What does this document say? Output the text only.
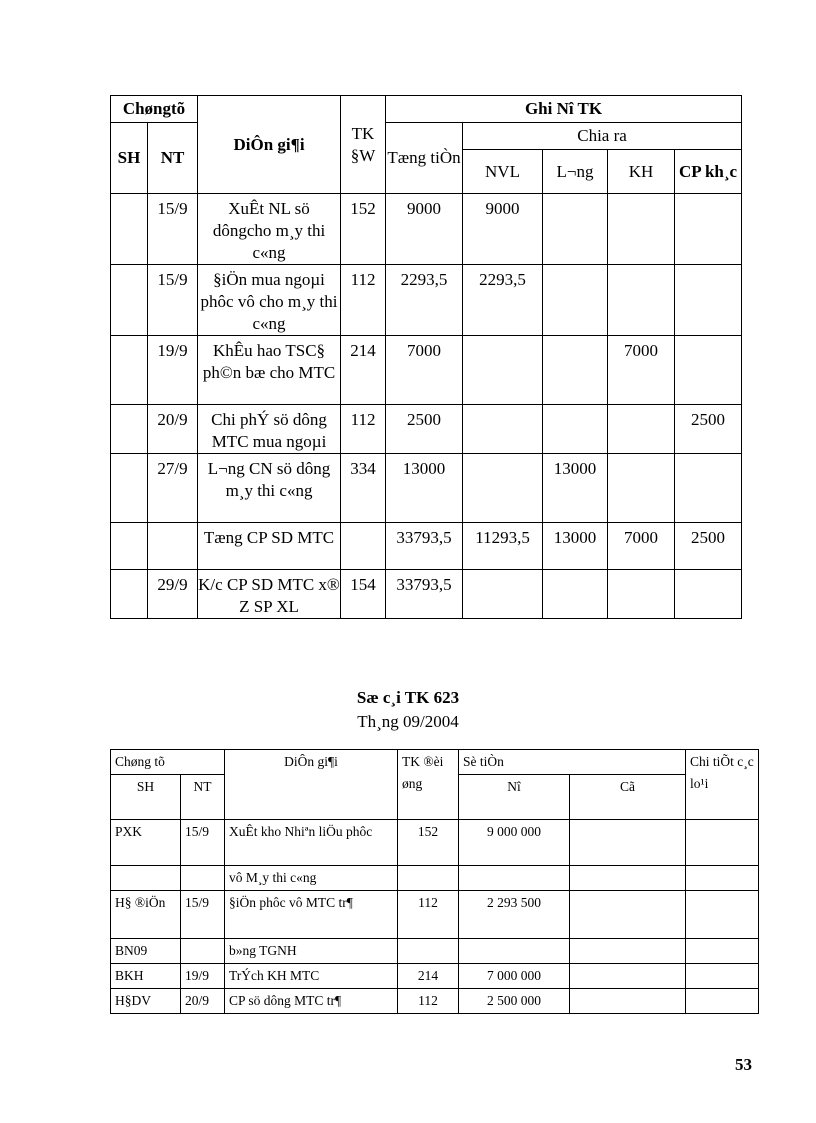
Chøngtõ		DiÔn gi¶i	TK §W	Ghi Nî TK				
SH	NT			Tæng tiÒn	Chia ra			
					NVL	L¬ng	KH	CP kh¸c
	15/9	XuÊt NL sö dôngcho m¸y thi c«ng	152	9000	9000			
	15/9	§iÖn mua ngoµi phôc vô cho m¸y thi c«ng	112	2293,5	2293,5			
	19/9	KhÊu hao TSC§ ph©n bæ cho MTC	214	7000			7000	
	20/9	Chi phÝ sö dông MTC mua ngoµi	112	2500				2500
	27/9	L¬ng CN sö dông m¸y thi c«ng	334	13000		13000		
		Tæng CP SD MTC		33793,5	11293,5	13000	7000	2500
	29/9	K/c CP SD MTC x® Z SP XL	154	33793,5				
Sæ c¸i TK 623
Th¸ng 09/2004
Chøng tõ		DiÔn gi¶i	TK ®èi øng	Sè tiÒn		Chi tiÕt c¸c lo¹i
SH	NT			Nî	Cã	
PXK	15/9	XuÊt kho Nhiªn liÖu phôc	152	9 000 000		
		vô M¸y thi c«ng				
H§ ®iÖn	15/9	§iÖn phôc vô MTC tr¶	112	2 293 500		
BN09		b»ng TGNH				
BKH	19/9	TrÝch KH MTC	214	7 000 000		
H§DV	20/9	CP sö dông MTC tr¶	112	2 500 000		
53
